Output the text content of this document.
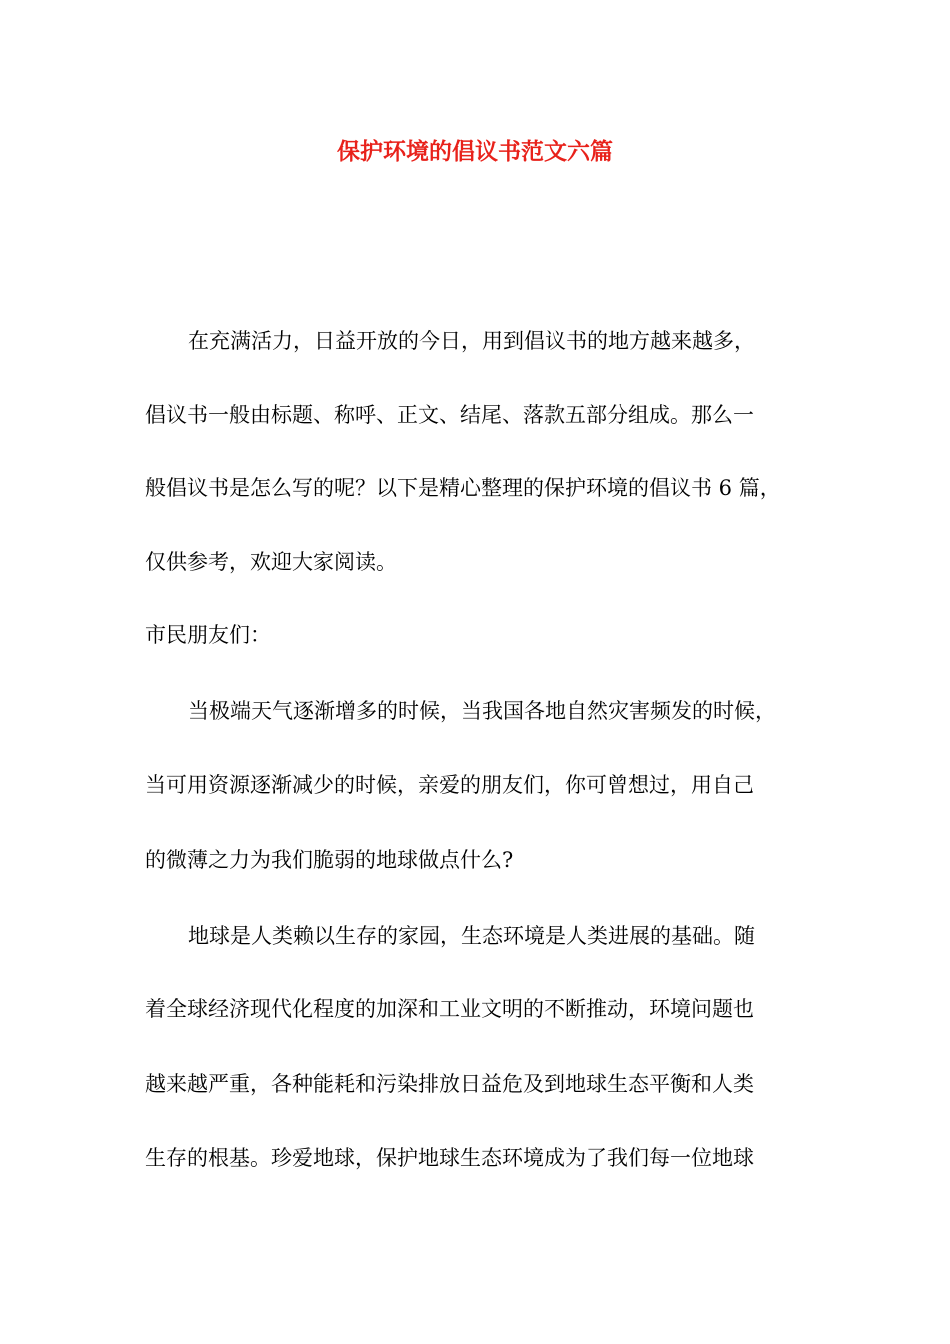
保护环境的倡议书范文六篇
在充满活力，日益开放的今日，用到倡议书的地方越来越多，
倡议书一般由标题、称呼、正文、结尾、落款五部分组成。那么一
般倡议书是怎么写的呢？以下是精心整理的保护环境的倡议书 6 篇，
仅供参考，欢迎大家阅读。
市民朋友们：
当极端天气逐渐增多的时候，当我国各地自然灾害频发的时候，
当可用资源逐渐减少的时候，亲爱的朋友们，你可曾想过，用自己
的微薄之力为我们脆弱的地球做点什么?
地球是人类赖以生存的家园，生态环境是人类进展的基础。随
着全球经济现代化程度的加深和工业文明的不断推动，环境问题也
越来越严重，各种能耗和污染排放日益危及到地球生态平衡和人类
生存的根基。珍爱地球，保护地球生态环境成为了我们每一位地球
